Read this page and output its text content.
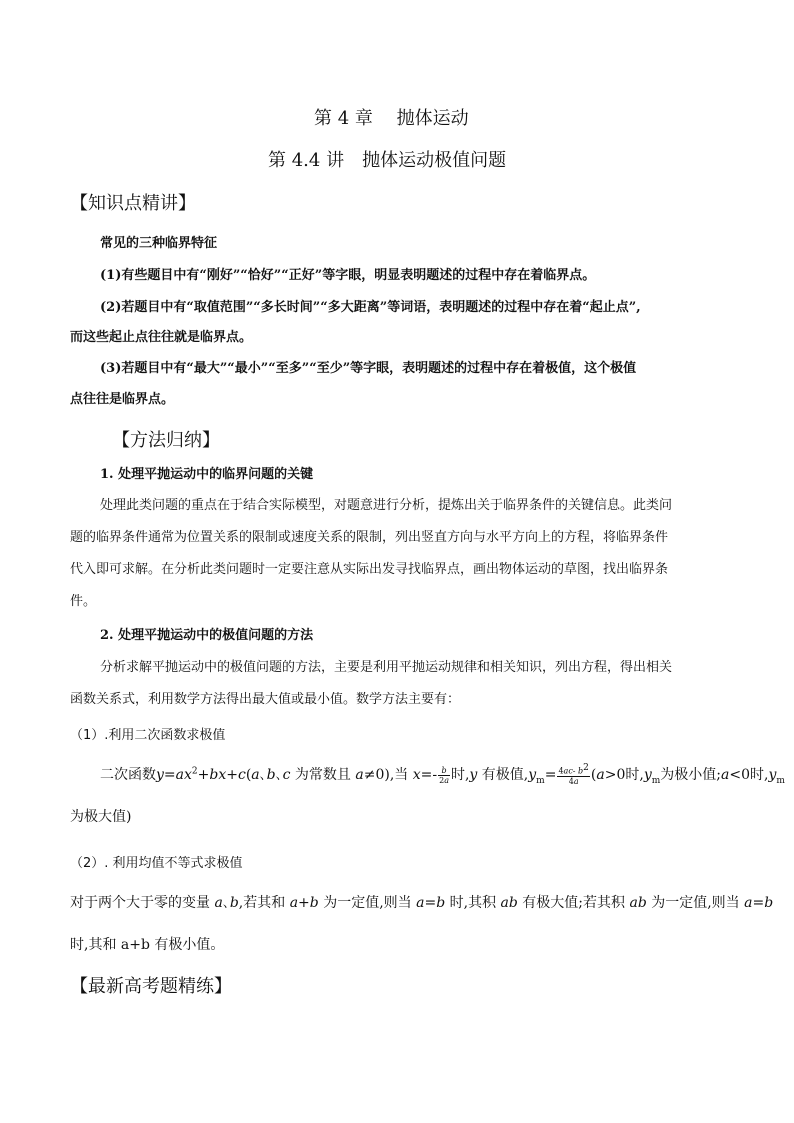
第 4 章　 抛体运动
第 4.4 讲　抛体运动极值问题
【知识点精讲】
常见的三种临界特征
(1)有些题目中有“刚好”“恰好”“正好”等字眼，明显表明题述的过程中存在着临界点。
(2)若题目中有“取值范围”“多长时间”“多大距离”等词语，表明题述的过程中存在着“起止点”,
而这些起止点往往就是临界点。
(3)若题目中有“最大”“最小”“至多”“至少”等字眼，表明题述的过程中存在着极值，这个极值
点往往是临界点。
【方法归纳】
1. 处理平抛运动中的临界问题的关键
处理此类问题的重点在于结合实际模型，对题意进行分析，提炼出关于临界条件的关键信息。此类问
题的临界条件通常为位置关系的限制或速度关系的限制，列出竖直方向与水平方向上的方程，将临界条件
代入即可求解。在分析此类问题时一定要注意从实际出发寻找临界点，画出物体运动的草图，找出临界条
件。
2. 处理平抛运动中的极值问题的方法
分析求解平抛运动中的极值问题的方法，主要是利用平抛运动规律和相关知识，列出方程，得出相关
函数关系式，利用数学方法得出最大值或最小值。数学方法主要有：
（1）.利用二次函数求极值
二次函数$y=ax^2+bx+c(a$､b､c 为常数且 a≠0),当 $x=- \frac{b}{2a}$ 时,y 有极值$,y_m= \frac{4ac- b^2}{4a} (a>0$时$,y_m$为极小值;a<0时$,y_m$
为极大值)
（2）. 利用均值不等式求极值
对于两个大于零的变量 a､b,若其和 a+b 为一定值,则当 a=b 时,其积 ab 有极大值;若其积 ab 为一定值,则当 a=b
时,其和 a+b 有极小值。
【最新高考题精练】
